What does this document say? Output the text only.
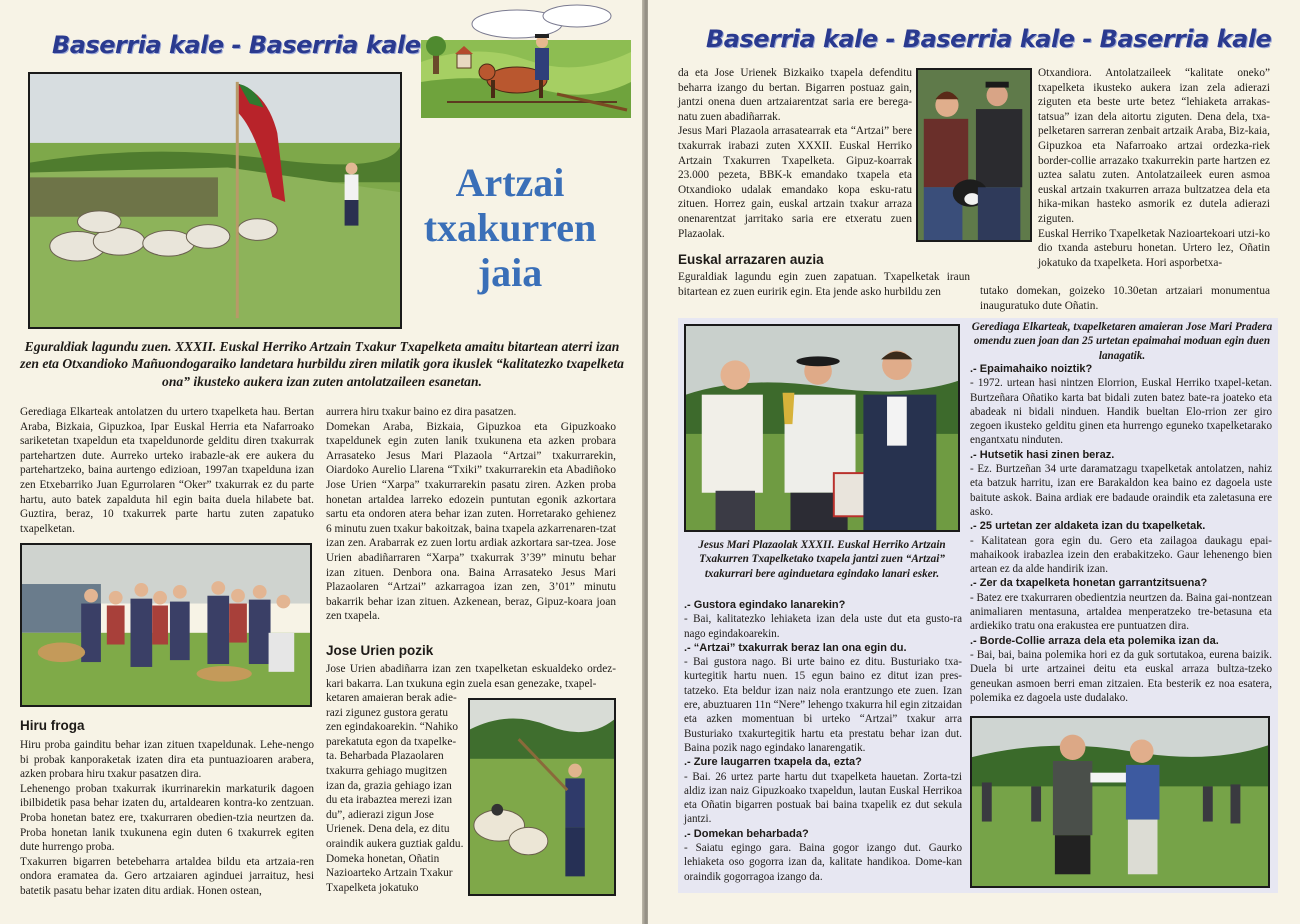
Baserria kale - Baserria kale
Artzai
txakurren
jaia
Eguraldiak lagundu zuen. XXXII. Euskal Herriko Artzain Txakur Txapelketa amaitu bitartean aterri izan zen eta Otxandioko Mañuondogaraiko landetara hurbildu ziren milatik gora ikuslek “kalitatezko txapelketa ona” ikusteko aukera izan zuten antolatzaileen esanetan.
Gerediaga Elkarteak antolatzen du urtero txapelketa hau. Bertan Araba, Bizkaia, Gipuzkoa, Ipar Euskal Herria eta Nafarroako sariketetan txapeldun eta txapeldunorde gelditu diren txakurrak partehartzen dute. Aurreko urteko irabazle-ak ere aukera du partehartzeko, baina aurtengo edizioan, 1997an txapelduna izan zen Etxebarriko Juan Egurrolaren “Oker” txakurrak ez du parte hartu, auto batek zapalduta hil egin baita duela hilabete bat. Guztira, beraz, 10 txakurrek parte hartu zuten zapatuko txapelketan.
Hiru froga

Hiru proba gainditu behar izan zituen txapeldunak. Lehe-nengo bi probak kanporaketak izaten dira eta puntuazioaren arabera, azken probara hiru txakur pasatzen dira.

Lehenengo proban txakurrak ikurrinarekin markaturik dagoen ibilbidetik pasa behar izaten du, artaldearen kontra-ko zentzuan. Proba honetan batez ere, txakurraren obedien-tzia neurtzen da. Proba honetan lanik txukunena egin duten 6 txakurrek egiten dute hurrengo proba.

Txakurren bigarren betebeharra artaldea bildu eta artzaia-ren ondora eramatea da. Gero artzaiaren aginduei jarraituz, hesi batetik pasatu behar izaten ditu ardiak. Honen ostean,

aurrera hiru txakur baino ez dira pasatzen.

Domekan Araba, Bizkaia, Gipuzkoa eta Gipuzkoako txapeldunek egin zuten lanik txukunena eta azken probara Arrasateko Jesus Mari Plazaola “Artzai” txakurrarekin, Oiardoko Aurelio Llarena “Txiki” txakurrarekin eta Abadiñoko Jose Urien “Xarpa” txakurrarekin pasatu ziren. Azken proba honetan artaldea larreko edozein puntutan egonik azkortara sartu eta ondoren atera behar izan zuten. Horretarako gehienez 6 minutu zuen txakur bakoitzak, baina txapela azkarrenaren-tzat izan zen. Arabarrak ez zuen lortu ardiak azkortara sar-tzea. Jose Urien abadiñarraren “Xarpa” txakurrak 3’39” minutu behar izan zituen. Denbora ona. Baina Arrasateko Jesus Mari Plazaolaren “Artzai” azkarragoa izan zen, 3’01” minutu bakarrik behar izan zituen. Azkenean, beraz, Gipuz-koara joan zen txapela.

Jose Urien pozik
Jose Urien abadiñarra izan zen txapelketan eskualdeko ordez-kari bakarra. Lan txukuna egin zuela esan genezake, txapel-
ketaren amaieran berak adie-razi zigunez gustora geratu zen egindakoarekin. “Nahiko parekatuta egon da txapelke-ta. Beharbada Plazaolaren txakurra gehiago mugitzen izan da, grazia gehiago izan du eta irabaztea merezi izan du”, adierazi zigun Jose Urienek. Dena dela, ez ditu oraindik aukera guztiak galdu. Domeka honetan, Oñatin Nazioarteko Artzain Txakur Txapelketa jokatuko
Baserria kale - Baserria kale - Baserria kale

da eta Jose Urienek Bizkaiko txapela defenditu beharra izango du bertan. Bigarren postuaz gain, jantzi onena duen artzaiarentzat saria ere berega-natu zuen abadiñarrak.

Jesus Mari Plazaola arrasatearrak eta “Artzai” bere txakurrak irabazi zuten XXXII. Euskal Herriko Artzain Txakurren Txapelketa. Gipuz-koarrak 23.000 pezeta, BBK-k emandako txapela eta Otxandioko udalak emandako kopa esku-ratu zituen. Horrez gain, euskal artzain txakur arraza onenarentzat jarritako saria ere etxeratu zuen Plazaolak.

Otxandiora. Antolatzaileek “kalitate oneko” txapelketa ikusteko aukera izan zela adierazi ziguten eta beste urte betez “lehiaketa arrakas-tatsua” izan dela aitortu ziguten. Dena dela, txa-pelketaren sarreran zenbait artzaik Araba, Biz-kaia, Gipuzkoa eta Nafarroako artzai ordezka-riek border-collie arrazako txakurrekin parte hartzen ez uztea salatu zuten. Antolatzaileek euren asmoa euskal artzain txakurren arraza bultzatzea dela eta hika-mikan hasteko asmorik ez dutela adierazi ziguten.

Euskal Herriko Txapelketak Nazioartekoari utzi-ko dio txanda asteburu honetan. Urtero lez, Oñatin jokatuko da txapelketa. Hori asporbetxa-

Euskal arrazaren auzia
Eguraldiak lagundu egin zuen zapatuan. Txapelketak iraun bitartean ez zuen euririk egin. Eta jende asko hurbildu zen	tutako domekan, goizeko 10.30etan artzaiari monumentua inauguratuko dute Oñatin.
Jesus Mari Plazaolak XXXII. Euskal Herriko Artzain Txakurren Txapelketako txapela jantzi zuen “Artzai” txakurrari bere aginduetara egindako lanari esker.
Gerediaga Elkarteak, txapelketaren amaieran Jose Mari Pradera omendu zuen joan dan 25 urtetan epaimahai moduan egin duen lanagatik.

.- Gustora egindako lanarekin?

- Bai, kalitatezko lehiaketa izan dela uste dut eta gusto-ra nago egindakoarekin.

.- “Artzai” txakurrak beraz lan ona egin du.

- Bai gustora nago. Bi urte baino ez ditu. Busturiako txa-kurtegitik hartu nuen. 15 egun baino ez ditut izan pres-tatzeko. Eta beldur izan naiz nola erantzungo ete zuen. Izan ere, abuztuaren 11n “Nere” lehengo txakurra hil egin zitzaidan eta azken momentuan bi urteko “Artzai” txakur arra Busturiako txakurtegitik hartu eta prestatu behar izan dut. Baina pozik nago egindako lanarengatik.

.- Zure laugarren txapela da, ezta?

- Bai. 26 urtez parte hartu dut txapelketa hauetan. Zorta-tzi aldiz izan naiz Gipuzkoako txapeldun, lautan Euskal Herrikoa eta Oñatin bigarren postuak bai baina txapelik ez dut sekula jantzi.

.- Domekan beharbada?

- Saiatu egingo gara. Baina gogor izango dut. Gaurko lehiaketa oso gogorra izan da, kalitate handikoa. Dome-kan oraindik gogorragoa izango da.

.- Epaimahaiko noiztik?

- 1972. urtean hasi nintzen Elorrion, Euskal Herriko txapel-ketan. Burtzeñara Oñatiko karta bat bidali zuten batez bate-ra joateko eta abadeak ni bidali ninduen. Handik bueltan Elo-rrion zer giro zegoen ikusteko gelditu ginen eta hurrengo eguneko txapelketarako engantxatu ninduten.

.- Hutsetik hasi zinen beraz.

- Ez. Burtzeñan 34 urte daramatzagu txapelketak antolatzen, nahiz eta batzuk harritu, izan ere Barakaldon kea baino ez dagoela uste baitute askok. Baina ardiak ere badaude oraindik eta zaletasuna ere asko.

.- 25 urtetan zer aldaketa izan du txapelketak.

- Kalitatean gora egin du. Gero eta zailagoa daukagu epai-mahaikook irabazlea izein den erabakitzeko. Gaur lehenengo bien artean ez da alde handirik izan.

.- Zer da txapelketa honetan garrantzitsuena?

- Batez ere txakurraren obedientzia neurtzen da. Baina gai-nontzean animaliaren mentasuna, artaldea menperatzeko tre-betasuna eta ardiekiko tratu ona erakustea ere puntuatzen dira.

.- Borde-Collie arraza dela eta polemika izan da.

- Bai, bai, baina polemika hori ez da guk sortutakoa, eurena baizik. Duela bi urte artzainei deitu eta euskal arraza bultza-tzeko geneukan asmoen berri eman zitzaien. Eta besterik ez noa esatera, polemika ez dagoela uste dudalako.
